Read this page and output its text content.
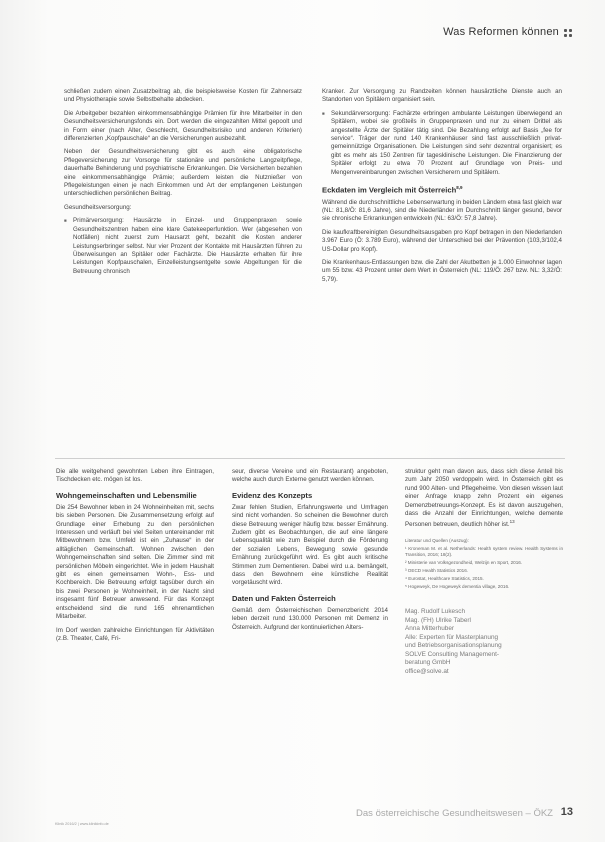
Was Reformen können

schließen zudem einen Zusatzbeitrag ab, die beispielsweise Kosten für Zahnersatz und Physiotherapie sowie Selbstbehalte abdecken.

Die Arbeitgeber bezahlen einkommensabhängige Prämien für ihre Mitarbeiter in den Gesundheitsversicherungsfonds ein. Dort werden die eingezahlten Mittel gepoolt und in Form einer (nach Alter, Geschlecht, Gesundheitsrisiko und anderen Kriterien) differenzierten „Kopfpauschale“ an die Versicherungen ausbezahlt.

Neben der Gesundheitsversicherung gibt es auch eine obligatorische Pflegeversicherung zur Vorsorge für stationäre und persönliche Langzeitpflege, dauerhafte Behinderung und psychiatrische Erkrankungen. Die Versicherten bezahlen eine einkommensabhängige Prämie; außerdem leisten die Nutznießer von Pflegeleistungen einen je nach Einkommen und Art der empfangenen Leistungen unterschiedlichen persönlichen Beitrag.

Gesundheitsversorgung:

■ Primärversorgung: Hausärzte in Einzel- und Gruppenpraxen sowie Gesundheitszentren haben eine klare Gatekeeperfunktion. Wer (abgesehen von Notfällen) nicht zuerst zum Hausarzt geht, bezahlt die Kosten anderer Leistungserbringer selbst. Nur vier Prozent der Kontakte mit Hausärzten führen zu Überweisungen an Spitäler oder Fachärzte. Die Hausärzte erhalten für ihre Leistungen Kopfpauschalen, Einzelleistungsentgelte sowie Abgeltungen für die Betreuung chronisch

Kranker. Zur Versorgung zu Randzeiten können hausärztliche Dienste auch an Standorten von Spitälern organisiert sein.

■ Sekundärversorgung: Fachärzte erbringen ambulante Leistungen überwiegend an Spitälern, wobei sie großteils in Gruppenpraxen und nur zu einem Drittel als angestellte Ärzte der Spitäler tätig sind. Die Bezahlung erfolgt auf Basis „fee for service“. Träger der rund 140 Krankenhäuser sind fast ausschließlich privat-gemeinnützige Organisationen. Die Leistungen sind sehr dezentral organisiert; es gibt es mehr als 150 Zentren für tagesklinische Leistungen. Die Finanzierung der Spitäler erfolgt zu etwa 70 Prozent auf Grundlage von Preis- und Mengenvereinbarungen zwischen Versicherern und Spitälern.

Eckdaten im Vergleich mit Österreich$^{8,9}$

Während die durchschnittliche Lebenserwartung in beiden Ländern etwa fast gleich war (NL: 81,8/Ö: 81,6 Jahre), sind die Niederländer im Durchschnitt länger gesund, bevor sie chronische Erkrankungen entwickeln (NL: 63/Ö: 57,8 Jahre).

Die kaufkraftbereinigten Gesundheitsausgaben pro Kopf betragen in den Niederlanden 3.967 Euro (Ö: 3.789 Euro), während der Unterschied bei der Prävention (103,3/102,4 US-Dollar pro Kopf).

Die Krankenhaus-Entlassungen bzw. die Zahl der Akutbetten je 1.000 Einwohner lagen um 55 bzw. 43 Prozent unter dem Wert in Österreich (NL: 119/Ö: 267 bzw. NL: 3,32/Ö: 5,79).

Die alle weitgehend gewohnten Leben ihre Eintragen, Tischdecken etc. mögen ist los.

Wohngemeinschaften und Lebensmilie

Die 254 Bewohner leben in 24 Wohneinheiten mit, sechs bis sieben Personen. Die Zusammensetzung erfolgt auf Grundlage einer Erhebung zu den persönlichen Interessen und verläuft bei viel Seiten untereinander mit Mitbewohnern bzw. Umfeld ist ein „Zuhause“ in der alltäglichen Gemeinschaft. Wohnen zwischen den Wohngemeinschaften sind selten. Die Zimmer sind mit persönlichen Möbeln eingerichtet. Wie in jedem Haushalt gibt es einen gemeinsamen Wohn-, Ess- und Kochbereich. Die Betreuung erfolgt tagsüber durch ein bis zwei Personen je Wohneinheit, in der Nacht sind insgesamt fünf Betreuer anwesend. Für das Konzept entscheidend sind die rund 165 ehrenamtlichen Mitarbeiter.

Im Dorf werden zahlreiche Einrichtungen für Aktivitäten (z.B. Theater, Café, Fri-

seur, diverse Vereine und ein Restaurant) angeboten, welche auch durch Externe genutzt werden können.

Evidenz des Konzepts

Zwar fehlen Studien, Erfahrungswerte und Umfragen sind nicht vorhanden. So scheinen die Bewohner durch diese Betreuung weniger häufig bzw. besser Ernährung. Zudem gibt es Beobachtungen, die auf eine längere Lebensqualität wie zum Beispiel durch die Förderung der sozialen Lebens, Bewegung sowie gesunde Ernährung zurückgeführt wird. Es gibt auch kritische Stimmen zum Dementieren. Dabei wird u.a. bemängelt, dass den Bewohnern eine künstliche Realität vorgetäuscht wird.

Daten und Fakten Österreich

Gemäß dem Österreichischen Demenzbericht 2014 leben derzeit rund 130.000 Personen mit Demenz in Österreich. Aufgrund der kontinuierlichen Alters-

struktur geht man davon aus, dass sich diese Anteil bis zum Jahr 2050 verdoppeln wird. In Österreich gibt es rund 900 Alten- und Pflegeheime. Von diesen wissen laut einer Anfrage knapp zehn Prozent ein eigenes Demenzbetreuungs-Konzept. Es ist davon auszugehen, dass die Anzahl der Einrichtungen, welche demente Personen betreuen, deutlich höher ist.$^{13}$

Literatur und Quellen (Auszug):

¹ Kroneman M. et al. Netherlands: Health system review. Health Systems in Transition, 2016; 18(2).

² Ministerie van Volksgezondheid, Welzijn en Sport, 2016.

³ OECD Health Statistics 2016.

⁴ Eurostat, Healthcare Statistics, 2015.

⁵ Hogeweyk, De Hogeweyk dementia village, 2016.

Mag. Rudolf Lukesch
Mag. (FH) Ulrike Taberl
Anna Mitterhuber
Alle: Experten für Masterplanung
und Betriebsorganisationsplanung
SOLVE Consulting Management-
beratung GmbH
office@solve.at
Klinik 2016/2 | www.klinikinfo.de
Das österreichische Gesundheitswesen – ÖKZ 13
